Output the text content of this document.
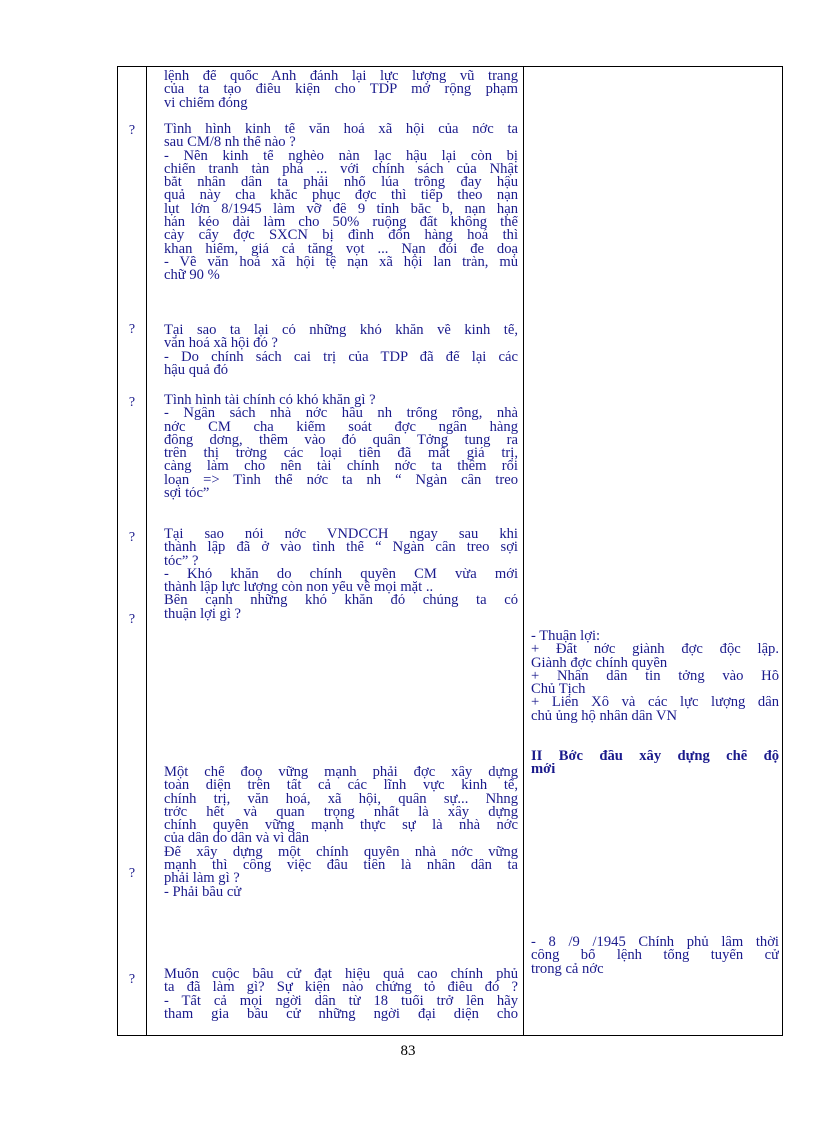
?
?
?
?
?
?
?
lệnh đế quốc Anh đánh lại lực lượng vũ trang
của ta tạo điều kiện cho TDP mở rộng phạm
vi chiếm đóng
Tình hình kinh tế văn hoá xã hội của nớc ta
sau CM/8 nh thế nào ?
- Nền kinh tế nghèo nàn lạc hậu lại còn bị
chiến tranh tàn phá ... với chính sách của Nhật
bắt nhân dân ta phải nhổ lúa trồng đay hậu
quả này cha khắc phục đợc thì tiếp theo nạn
lụt lớn 8/1945 làm vỡ đê 9 tỉnh bắc b, nạn hạn
hán kéo dài làm cho 50% ruộng đất không thể
cày cấy đợc SXCN bị đình đốn hàng hoá thì
khan hiếm, giá cả tăng vọt ... Nạn đói đe doạ
- Về văn hoá xã hội tệ nạn xã hội lan tràn, mù
chữ 90 %
Tại sao ta lại có những khó khăn về kinh tế,
văn hoá xã hội đó ?
- Do chính sách cai trị của TDP đã để lại các
hậu quả đó
Tình hình tài chính có khó khăn gì ?
- Ngân sách nhà nớc hầu nh trống rỗng, nhà
nớc CM cha kiểm soát đợc ngân hàng
đông dơng, thêm vào đó quân Tởng tung ra
trên thị trờng các loại tiền đã mất giá trị,
càng làm cho nền tài chính nớc ta thêm rối
loạn => Tình thế nớc ta nh “ Ngàn cân treo
sợi tóc”
Tại sao nói nớc VNDCCH ngay sau khi
thành lập đã ở vào tình thế “ Ngàn cân treo sợi
tóc” ?
- Khó khăn do chính quyền CM vừa mới
thành lập lực lượng còn non yếu về mọi mặt ..
Bên cạnh những khó khăn đó chúng ta có
thuận lợi gì ?
Một chế đoọ vững mạnh phải đợc xây dựng
toàn diện trên tất cả các lĩnh vực kinh tế,
chính trị, văn hoá, xã hội, quân sự... Nhng
trớc hết và quan trọng nhất là xây dựng
chính quyền vững mạnh thực sự là nhà nớc
của dân do dân và vì dân
Để xây dựng một chính quyền nhà nớc vững
mạnh thì công việc đầu tiên là nhân dân ta
phải làm gì ?
- Phải bầu cử
Muốn cuộc bầu cử đạt hiệu quả cao chính phủ
ta đã làm gì? Sự kiện nào chứng tỏ điều đó ?
- Tất cả mọi ngời dân từ 18 tuổi trở lên hãy
tham gia bầu cử những ngời đại diện cho
- Thuận lợi:
+ Đất nớc giành đợc độc lập.
Giành đợc chính quyền
+ Nhân dân tin tởng vào Hồ
Chủ Tịch
+ Liên Xô và các lực lượng dân
chủ ủng hộ nhân dân VN
II Bớc đầu xây dựng chế độ
mới
- 8 /9 /1945 Chính phủ lâm thời
công bố lệnh tổng tuyển cử
trong cả nớc
83
